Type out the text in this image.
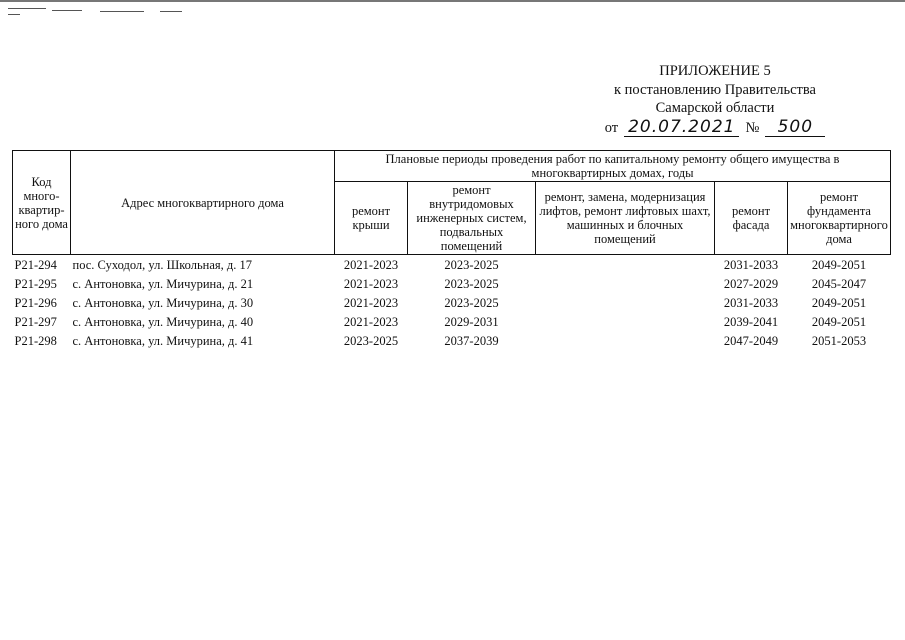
ПРИЛОЖЕНИЕ 5
к постановлению Правительства
Самарской области
от 20.07.2021 №	500
Код много-квартир-ного дома	Адрес многоквартирного дома	Плановые периоды проведения работ по капитальному ремонту общего имущества в многоквартирных домах, годы				
		ремонт крыши	ремонт внутридомовых инженерных систем, подвальных помещений	ремонт, замена, модернизация лифтов, ремонт лифтовых шахт, машинных и блочных помещений	ремонт фасада	ремонт фундамента многоквартирного дома
Р21-294	пос. Суходол, ул. Школьная, д. 17	2021-2023	2023-2025		2031-2033	2049-2051
Р21-295	с. Антоновка, ул. Мичурина, д. 21	2021-2023	2023-2025		2027-2029	2045-2047
Р21-296	с. Антоновка, ул. Мичурина, д. 30	2021-2023	2023-2025		2031-2033	2049-2051
Р21-297	с. Антоновка, ул. Мичурина, д. 40	2021-2023	2029-2031		2039-2041	2049-2051
Р21-298	с. Антоновка, ул. Мичурина, д. 41	2023-2025	2037-2039		2047-2049	2051-2053
